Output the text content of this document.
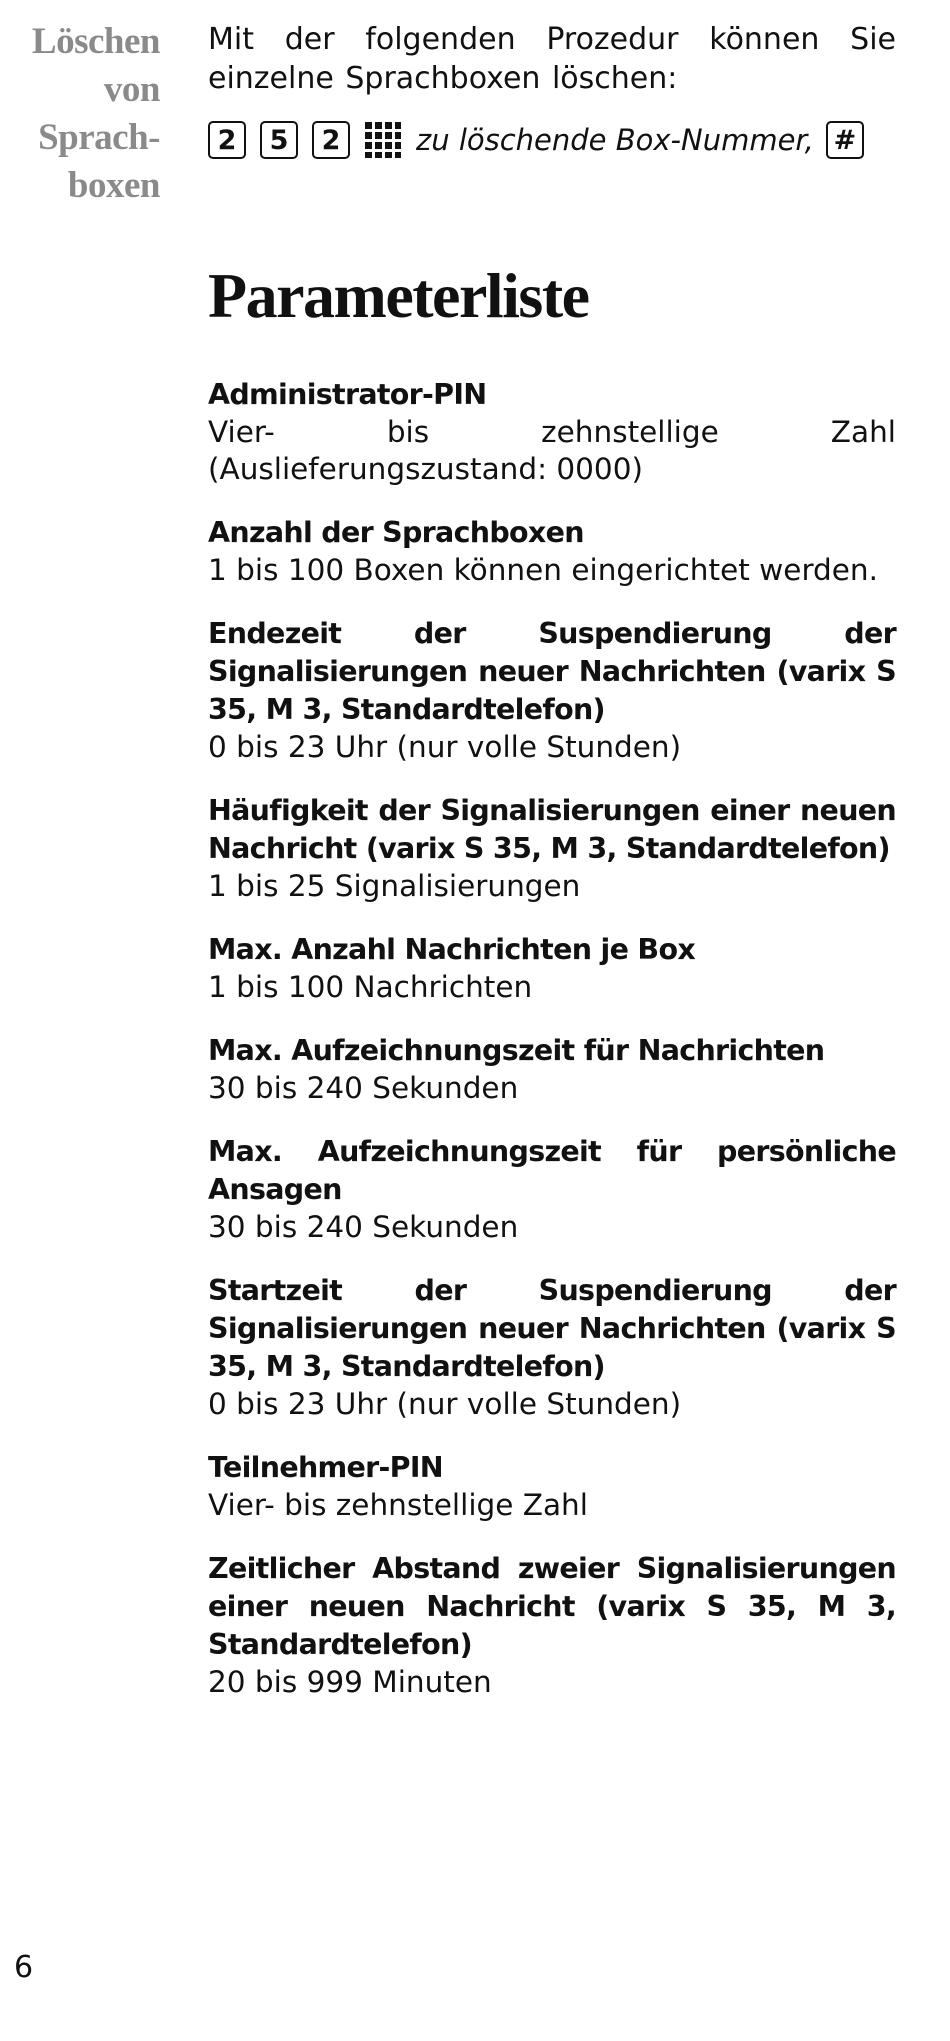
Löschen
von
Sprach-
boxen

Mit der folgenden Prozedur können Sie einzelne Sprachboxen löschen:

2	5	2	zu löschende Box-Nummer, #
Parameterliste
Administrator-PIN
Vier- bis zehnstellige Zahl (Auslieferungszustand: 0000)
Anzahl der Sprachboxen
1 bis 100 Boxen können eingerichtet werden.
Endezeit der Suspendierung der Signalisierungen neuer Nachrichten (varix S 35, M 3, Standardtelefon)
0 bis 23 Uhr (nur volle Stunden)
Häufigkeit der Signalisierungen einer neuen Nachricht (varix S 35, M 3, Standardtelefon)
1 bis 25 Signalisierungen
Max. Anzahl Nachrichten je Box
1 bis 100 Nachrichten
Max. Aufzeichnungszeit für Nachrichten
30 bis 240 Sekunden
Max. Aufzeichnungszeit für persönliche Ansagen
30 bis 240 Sekunden
Startzeit der Suspendierung der Signalisierungen neuer Nachrichten (varix S 35, M 3, Standardtelefon)
0 bis 23 Uhr (nur volle Stunden)
Teilnehmer-PIN
Vier- bis zehnstellige Zahl
Zeitlicher Abstand zweier Signalisierungen einer neuen Nachricht (varix S 35, M 3, Standardtelefon)
20 bis 999 Minuten
6
